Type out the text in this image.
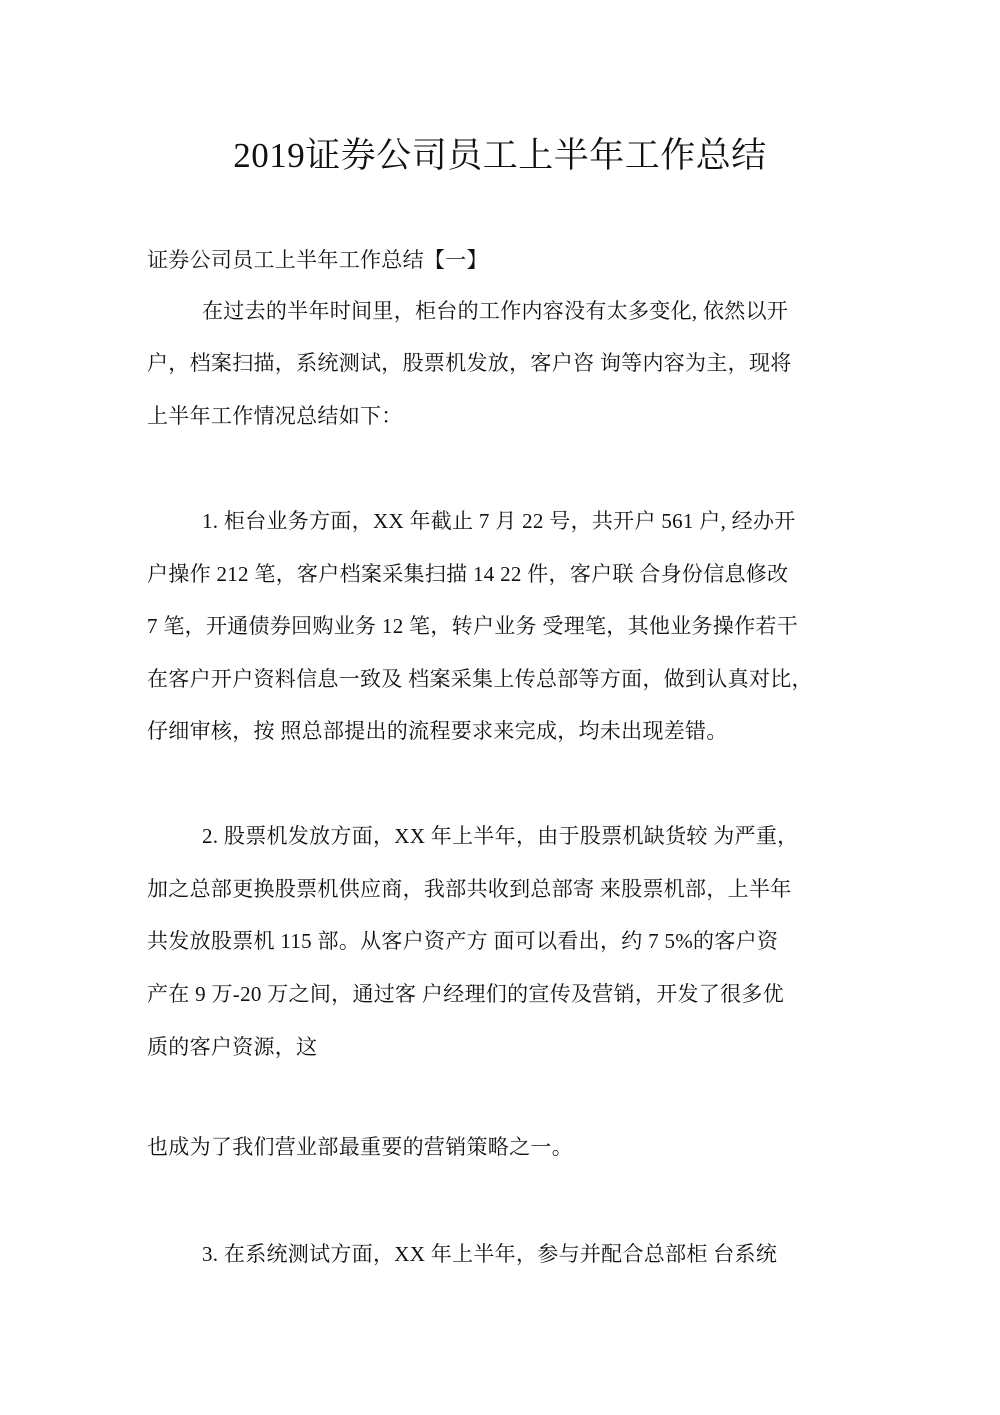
2019证券公司员工上半年工作总结
证券公司员工上半年工作总结【一】
在过去的半年时间里，柜台的工作内容没有太多变化, 依然以开
户，档案扫描，系统测试，股票机发放，客户咨 询等内容为主，现将
上半年工作情况总结如下：
1. 柜台业务方面，XX 年截止 7 月 22 号，共开户 561 户, 经办开
户操作 212 笔，客户档案采集扫描 14 22 件，客户联 合身份信息修改
7 笔，开通债券回购业务 12 笔，转户业务 受理笔，其他业务操作若干
在客户开户资料信息一致及 档案采集上传总部等方面，做到认真对比，
仔细审核，按 照总部提出的流程要求来完成，均未出现差错。
2. 股票机发放方面，XX 年上半年，由于股票机缺货较 为严重，
加之总部更换股票机供应商，我部共收到总部寄 来股票机部，上半年
共发放股票机 115 部。从客户资产方 面可以看出，约 7 5%的客户资
产在 9 万-20 万之间，通过客 户经理们的宣传及营销，开发了很多优
质的客户资源，这
也成为了我们营业部最重要的营销策略之一。
3. 在系统测试方面，XX 年上半年，参与并配合总部柜 台系统
